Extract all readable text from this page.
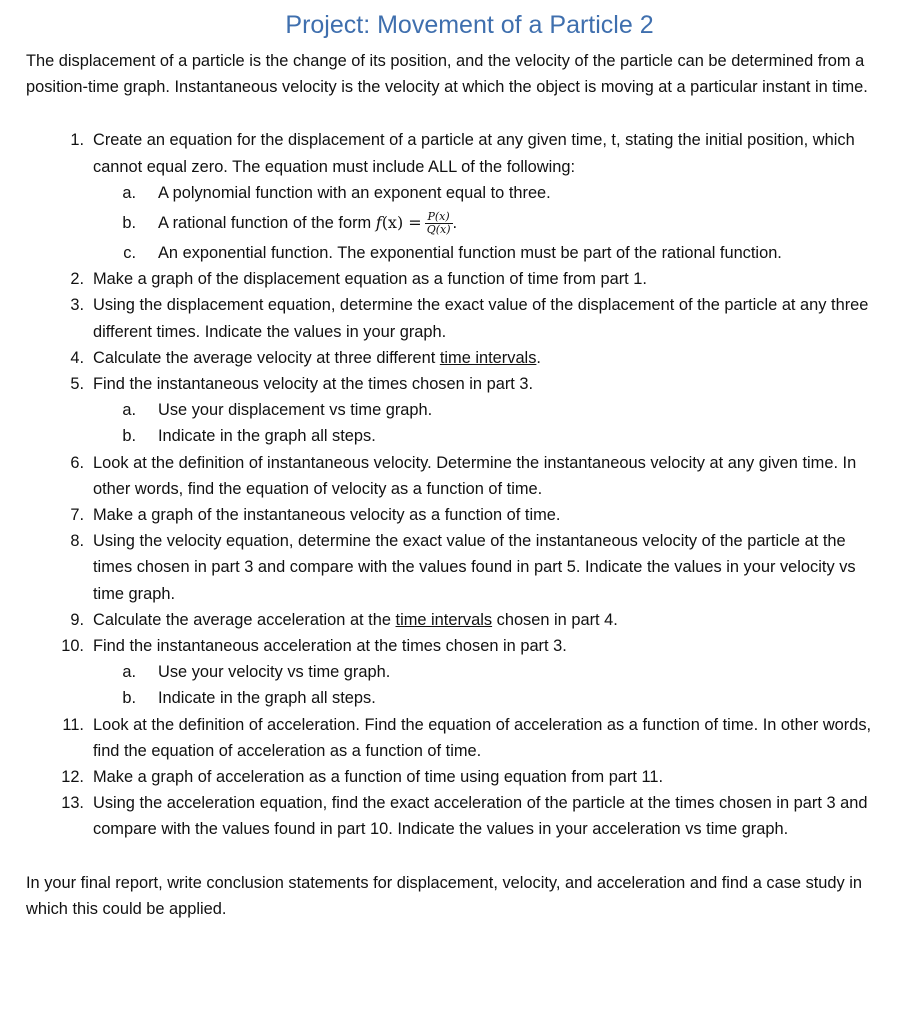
Project: Movement of a Particle 2

The displacement of a particle is the change of its position, and the velocity of the particle can be determined from a position-time graph. Instantaneous velocity is the velocity at which the object is moving at a particular instant in time.

1. Create an equation for the displacement of a particle at any given time, t, stating the initial position, which cannot equal zero. The equation must include ALL of the following:
a. A polynomial function with an exponent equal to three.
b. A rational function of the form $f(x) = \frac{P(x)}{Q(x)}$ .
c. An exponential function. The exponential function must be part of the rational function.
2. Make a graph of the displacement equation as a function of time from part 1.
3. Using the displacement equation, determine the exact value of the displacement of the particle at any three different times. Indicate the values in your graph.
4. Calculate the average velocity at three different time intervals.
5. Find the instantaneous velocity at the times chosen in part 3.
a. Use your displacement vs time graph.
b. Indicate in the graph all steps.
6. Look at the definition of instantaneous velocity. Determine the instantaneous velocity at any given time. In other words, find the equation of velocity as a function of time.
7. Make a graph of the instantaneous velocity as a function of time.
8. Using the velocity equation, determine the exact value of the instantaneous velocity of the particle at the times chosen in part 3 and compare with the values found in part 5. Indicate the values in your velocity vs time graph.
9. Calculate the average acceleration at the time intervals chosen in part 4.
10. Find the instantaneous acceleration at the times chosen in part 3.
a. Use your velocity vs time graph.
b. Indicate in the graph all steps.
11. Look at the definition of acceleration. Find the equation of acceleration as a function of time. In other words, find the equation of acceleration as a function of time.
12. Make a graph of acceleration as a function of time using equation from part 11.
13. Using the acceleration equation, find the exact acceleration of the particle at the times chosen in part 3 and compare with the values found in part 10. Indicate the values in your acceleration vs time graph.

In your final report, write conclusion statements for displacement, velocity, and acceleration and find a case study in which this could be applied.
